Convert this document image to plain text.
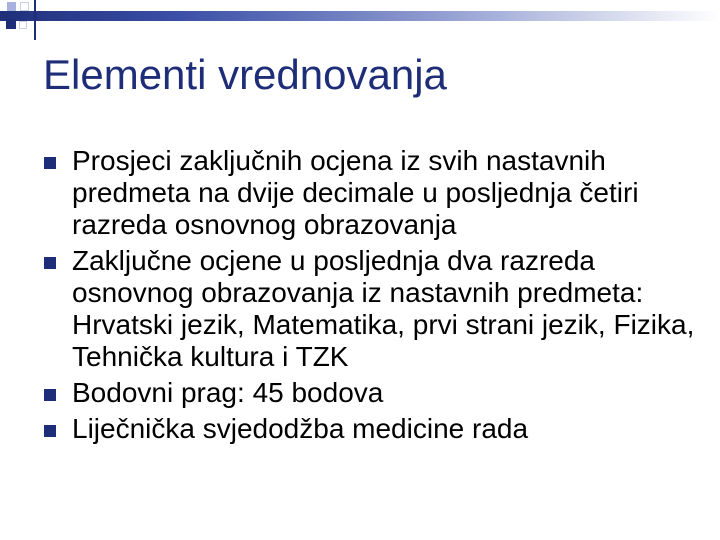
Elementi vrednovanja
Prosjeci zaključnih ocjena iz svih nastavnih predmeta na dvije decimale u posljednja četiri razreda osnovnog obrazovanja
Zaključne ocjene u posljednja dva razreda osnovnog obrazovanja iz nastavnih predmeta: Hrvatski jezik, Matematika, prvi strani jezik, Fizika, Tehnička kultura i TZK
Bodovni prag: 45 bodova
Liječnička svjedodžba medicine rada
